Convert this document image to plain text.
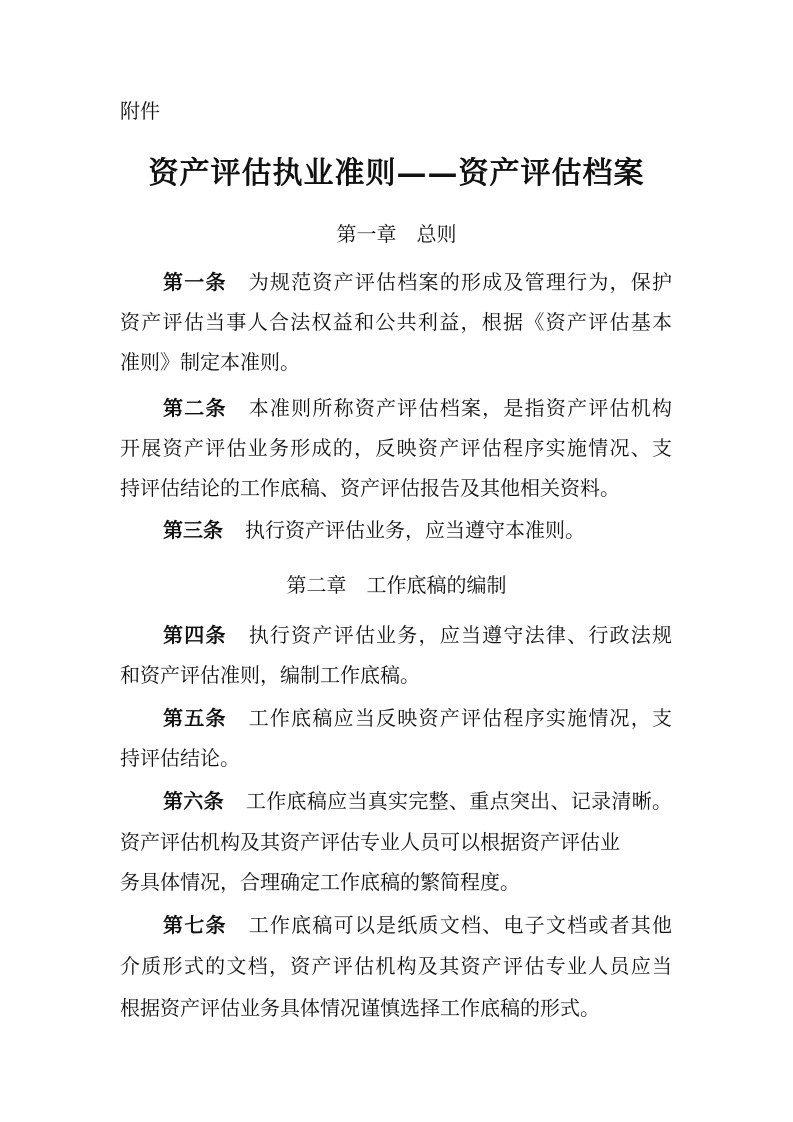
附件
资产评估执业准则——资产评估档案
第一章　总则
第一条 为规范资产评估档案的形成及管理行为，保护
资产评估当事人合法权益和公共利益，根据《资产评估基本
准则》制定本准则。
第二条 本准则所称资产评估档案，是指资产评估机构
开展资产评估业务形成的，反映资产评估程序实施情况、支
持评估结论的工作底稿、资产评估报告及其他相关资料。
第三条 执行资产评估业务，应当遵守本准则。
第二章　工作底稿的编制
第四条 执行资产评估业务，应当遵守法律、行政法规
和资产评估准则，编制工作底稿。
第五条 工作底稿应当反映资产评估程序实施情况，支
持评估结论。
第六条 工作底稿应当真实完整、重点突出、记录清晰。
资产评估机构及其资产评估专业人员可以根据资产评估业
务具体情况，合理确定工作底稿的繁简程度。
第七条 工作底稿可以是纸质文档、电子文档或者其他
介质形式的文档，资产评估机构及其资产评估专业人员应当
根据资产评估业务具体情况谨慎选择工作底稿的形式。
